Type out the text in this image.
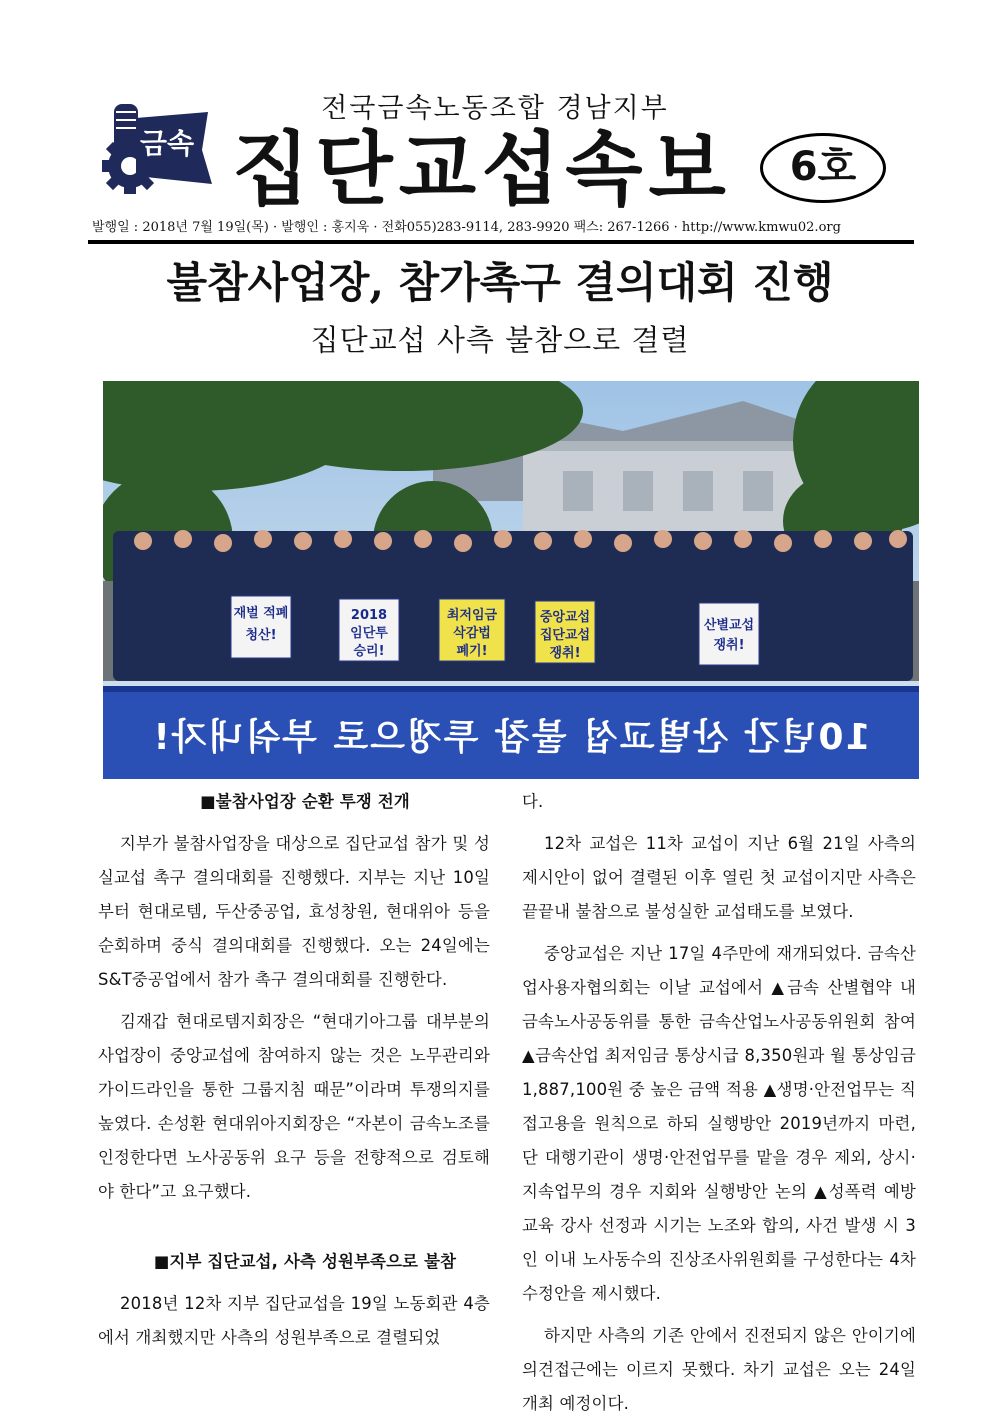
금속
전국금속노동조합 경남지부
집단교섭속보	6호
발행일 : 2018년 7월 19일(목) · 발행인 : 홍지욱 · 전화055)283-9114, 283-9920 팩스: 267-1266 · http://www.kmwu02.org
불참사업장, 참가촉구 결의대회 진행
집단교섭 사측 불참으로 결렬
재벌 적폐
청산!
2018
임단투
승리!
최저임금
삭감법
폐기!
중앙교섭
집단교섭
쟁취!
산별교섭
쟁취!
10년간 산별교섭 불참 투쟁으로 부숴내자!

■불참사업장 순환 투쟁 전개

지부가 불참사업장을 대상으로 집단교섭 참가 및 성실교섭 촉구 결의대회를 진행했다. 지부는 지난 10일부터 현대로템, 두산중공업, 효성창원, 현대위아 등을 순회하며 중식 결의대회를 진행했다. 오는 24일에는 S&T중공업에서 참가 촉구 결의대회를 진행한다.

김재갑 현대로템지회장은 “현대기아그룹 대부분의 사업장이 중앙교섭에 참여하지 않는 것은 노무관리와 가이드라인을 통한 그룹지침 때문”이라며 투쟁의지를 높였다. 손성환 현대위아지회장은 “자본이 금속노조를 인정한다면 노사공동위 요구 등을 전향적으로 검토해야 한다”고 요구했다.

■지부 집단교섭, 사측 성원부족으로 불참

2018년 12차 지부 집단교섭을 19일 노동회관 4층에서 개최했지만 사측의 성원부족으로 결렬되었

다.

12차 교섭은 11차 교섭이 지난 6월 21일 사측의 제시안이 없어 결렬된 이후 열린 첫 교섭이지만 사측은 끝끝내 불참으로 불성실한 교섭태도를 보였다.

중앙교섭은 지난 17일 4주만에 재개되었다. 금속산업사용자협의회는 이날 교섭에서 ▲금속 산별협약 내 금속노사공동위를 통한 금속산업노사공동위원회 참여 ▲금속산업 최저임금 통상시급 8,350원과 월 통상임금 1,887,100원 중 높은 금액 적용 ▲생명·안전업무는 직접고용을 원칙으로 하되 실행방안 2019년까지 마련, 단 대행기관이 생명·안전업무를 맡을 경우 제외, 상시·지속업무의 경우 지회와 실행방안 논의 ▲성폭력 예방 교육 강사 선정과 시기는 노조와 합의, 사건 발생 시 3인 이내 노사동수의 진상조사위원회를 구성한다는 4차 수정안을 제시했다.

하지만 사측의 기존 안에서 진전되지 않은 안이기에 의견접근에는 이르지 못했다. 차기 교섭은 오는 24일 개최 예정이다.
